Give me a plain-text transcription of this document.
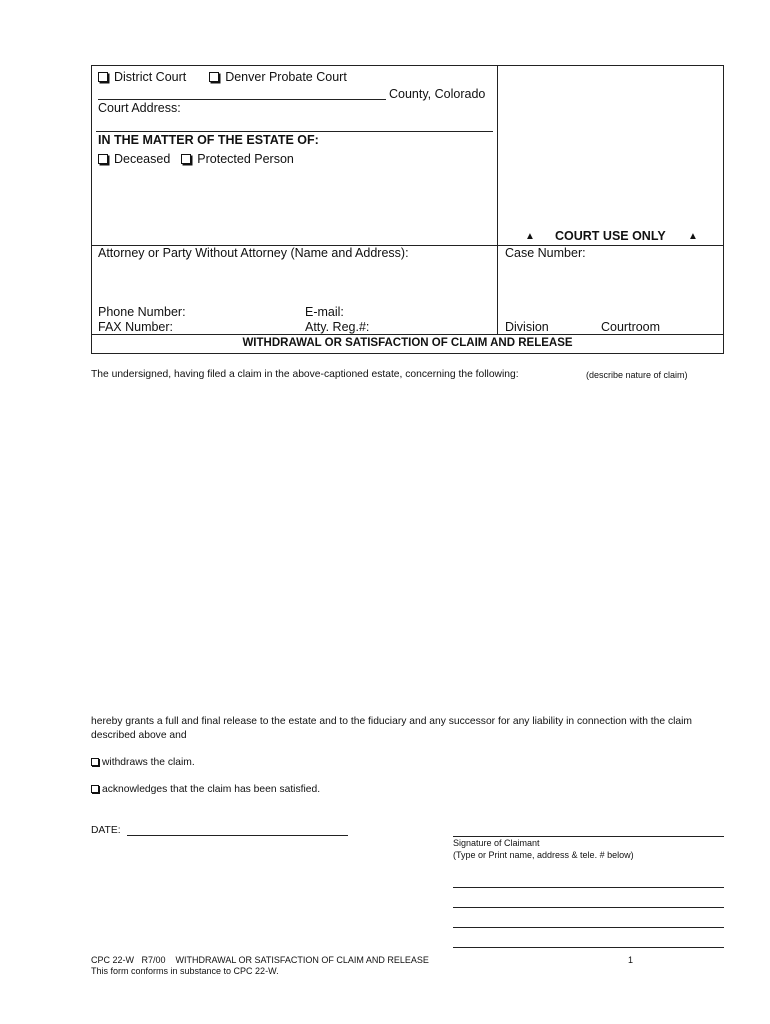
District Court	Denver Probate Court
County, Colorado
Court Address:
IN THE MATTER OF THE ESTATE OF:
Deceased Protected Person
▲ COURT USE ONLY ▲
Attorney or Party Without Attorney (Name and Address):	Case Number:
Phone Number:	E-mail:
FAX Number:	Atty. Reg.#:	Division	Courtroom
WITHDRAWAL OR SATISFACTION OF CLAIM AND RELEASE
The undersigned, having filed a claim in the above-captioned estate, concerning the following:	(describe nature of claim)
hereby grants a full and final release to the estate and to the fiduciary and any successor for any liability in connection with the claim described above and
withdraws the claim.
acknowledges that the claim has been satisfied.
DATE:
Signature of Claimant
(Type or Print name, address & tele. # below)
CPC 22-W   R7/00    WITHDRAWAL OR SATISFACTION OF CLAIM AND RELEASE	1
This form conforms in substance to CPC 22-W.
